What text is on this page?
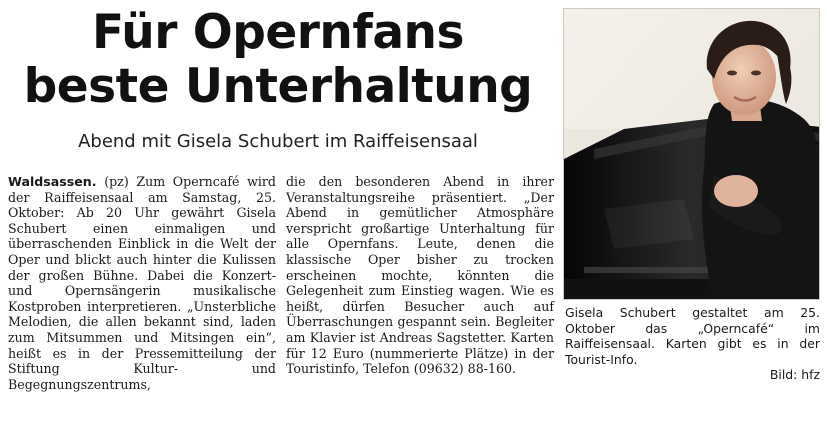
Für Opernfans
beste Unterhaltung
Abend mit Gisela Schubert im Raiffeisensaal

Waldsassen. (pz) Zum Operncafé wird der Raiffeisensaal am Samstag, 25. Oktober: Ab 20 Uhr gewährt Gisela Schubert einen einmaligen und überraschenden Einblick in die Welt der Oper und blickt auch hinter die Kulissen der großen Bühne. Dabei die Konzert- und Opernsängerin musikalische Kostproben interpretieren. „Unsterbliche Melodien, die allen bekannt sind, laden zum Mitsummen und Mitsingen ein“, heißt es in der Pressemitteilung der Stiftung Kultur- und Begegnungszentrums,

die den besonderen Abend in ihrer Veranstaltungsreihe präsentiert. „Der Abend in gemütlicher Atmosphäre verspricht großartige Unterhaltung für alle Opernfans. Leute, denen die klassische Oper bisher zu trocken erscheinen mochte, könnten die Gelegenheit zum Einstieg wagen. Wie es heißt, dürfen Besucher auch auf Überraschungen gespannt sein. Begleiter am Klavier ist Andreas Sagstetter. Karten für 12 Euro (nummerierte Plätze) in der Touristinfo, Telefon (09632) 88-160.

Gisela Schubert gestaltet am 25. Oktober das „Operncafé“ im Raiffeisensaal. Karten gibt es in der Tourist-Info.
Bild: hfz
